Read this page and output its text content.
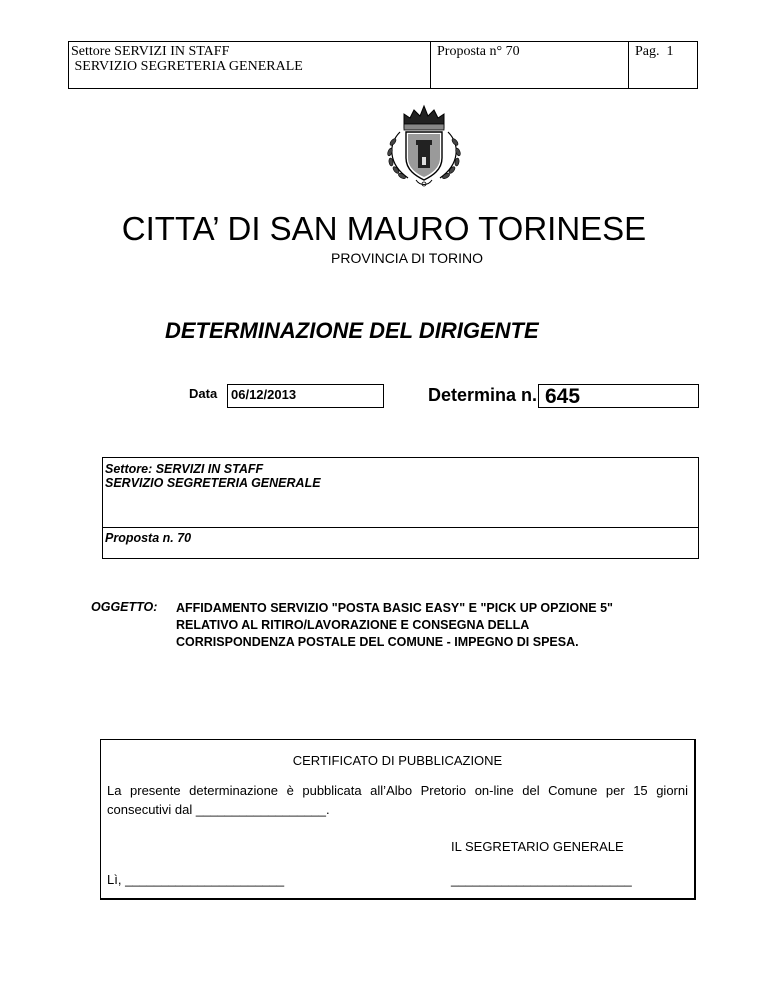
Settore SERVIZI IN STAFF
SERVIZIO SEGRETERIA GENERALE
Proposta n° 70	Pag.  1
CITTA’ DI SAN MAURO TORINESE
PROVINCIA DI TORINO
DETERMINAZIONE DEL DIRIGENTE
Data	06/12/2013	Determina n. 645
Settore: SERVIZI IN STAFF
SERVIZIO SEGRETERIA GENERALE
Proposta n. 70
OGGETTO: AFFIDAMENTO SERVIZIO "POSTA BASIC EASY" E "PICK UP OPZIONE 5"
RELATIVO AL RITIRO/LAVORAZIONE E CONSEGNA DELLA
CORRISPONDENZA POSTALE DEL COMUNE - IMPEGNO DI SPESA.
CERTIFICATO DI PUBBLICAZIONE
La presente determinazione è pubblicata all’Albo Pretorio on-line del Comune per 15 giorni
consecutivi dal __________________.
IL SEGRETARIO GENERALE
Lì, ______________________	_________________________
